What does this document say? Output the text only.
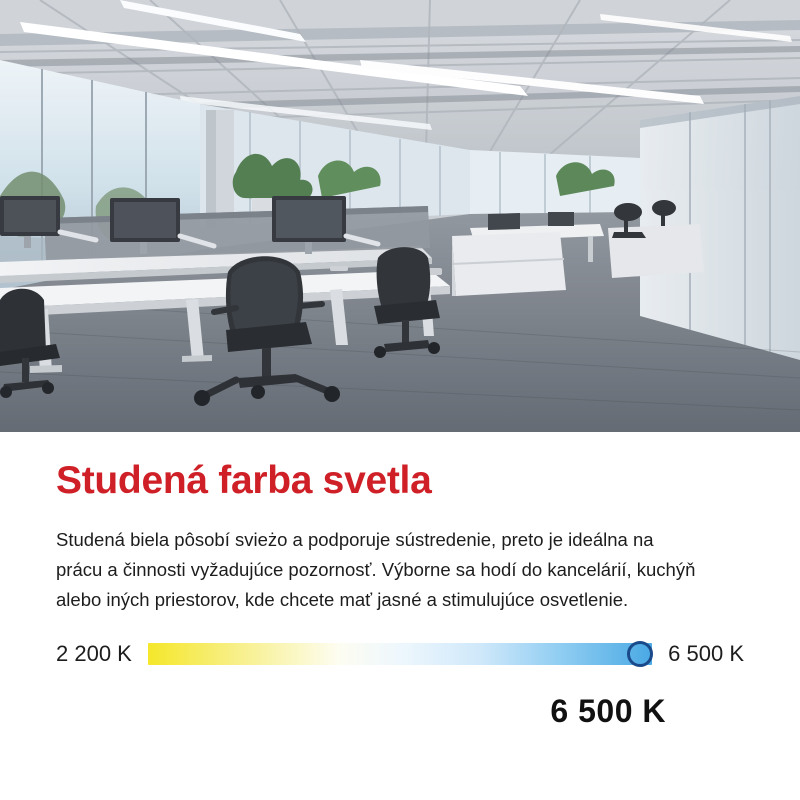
Studená farba svetla

Studená biela pôsobí svieżo a podporuje sústredenie, preto je ideálna na prácu a činnosti vyžadujúce pozornosť. Výborne sa hodí do kancelárií, kuchýň alebo iných priestorov, kde chcete mať jasné a stimulujúce osvetlenie.

2 200 K	6 500 K
6 500 K
